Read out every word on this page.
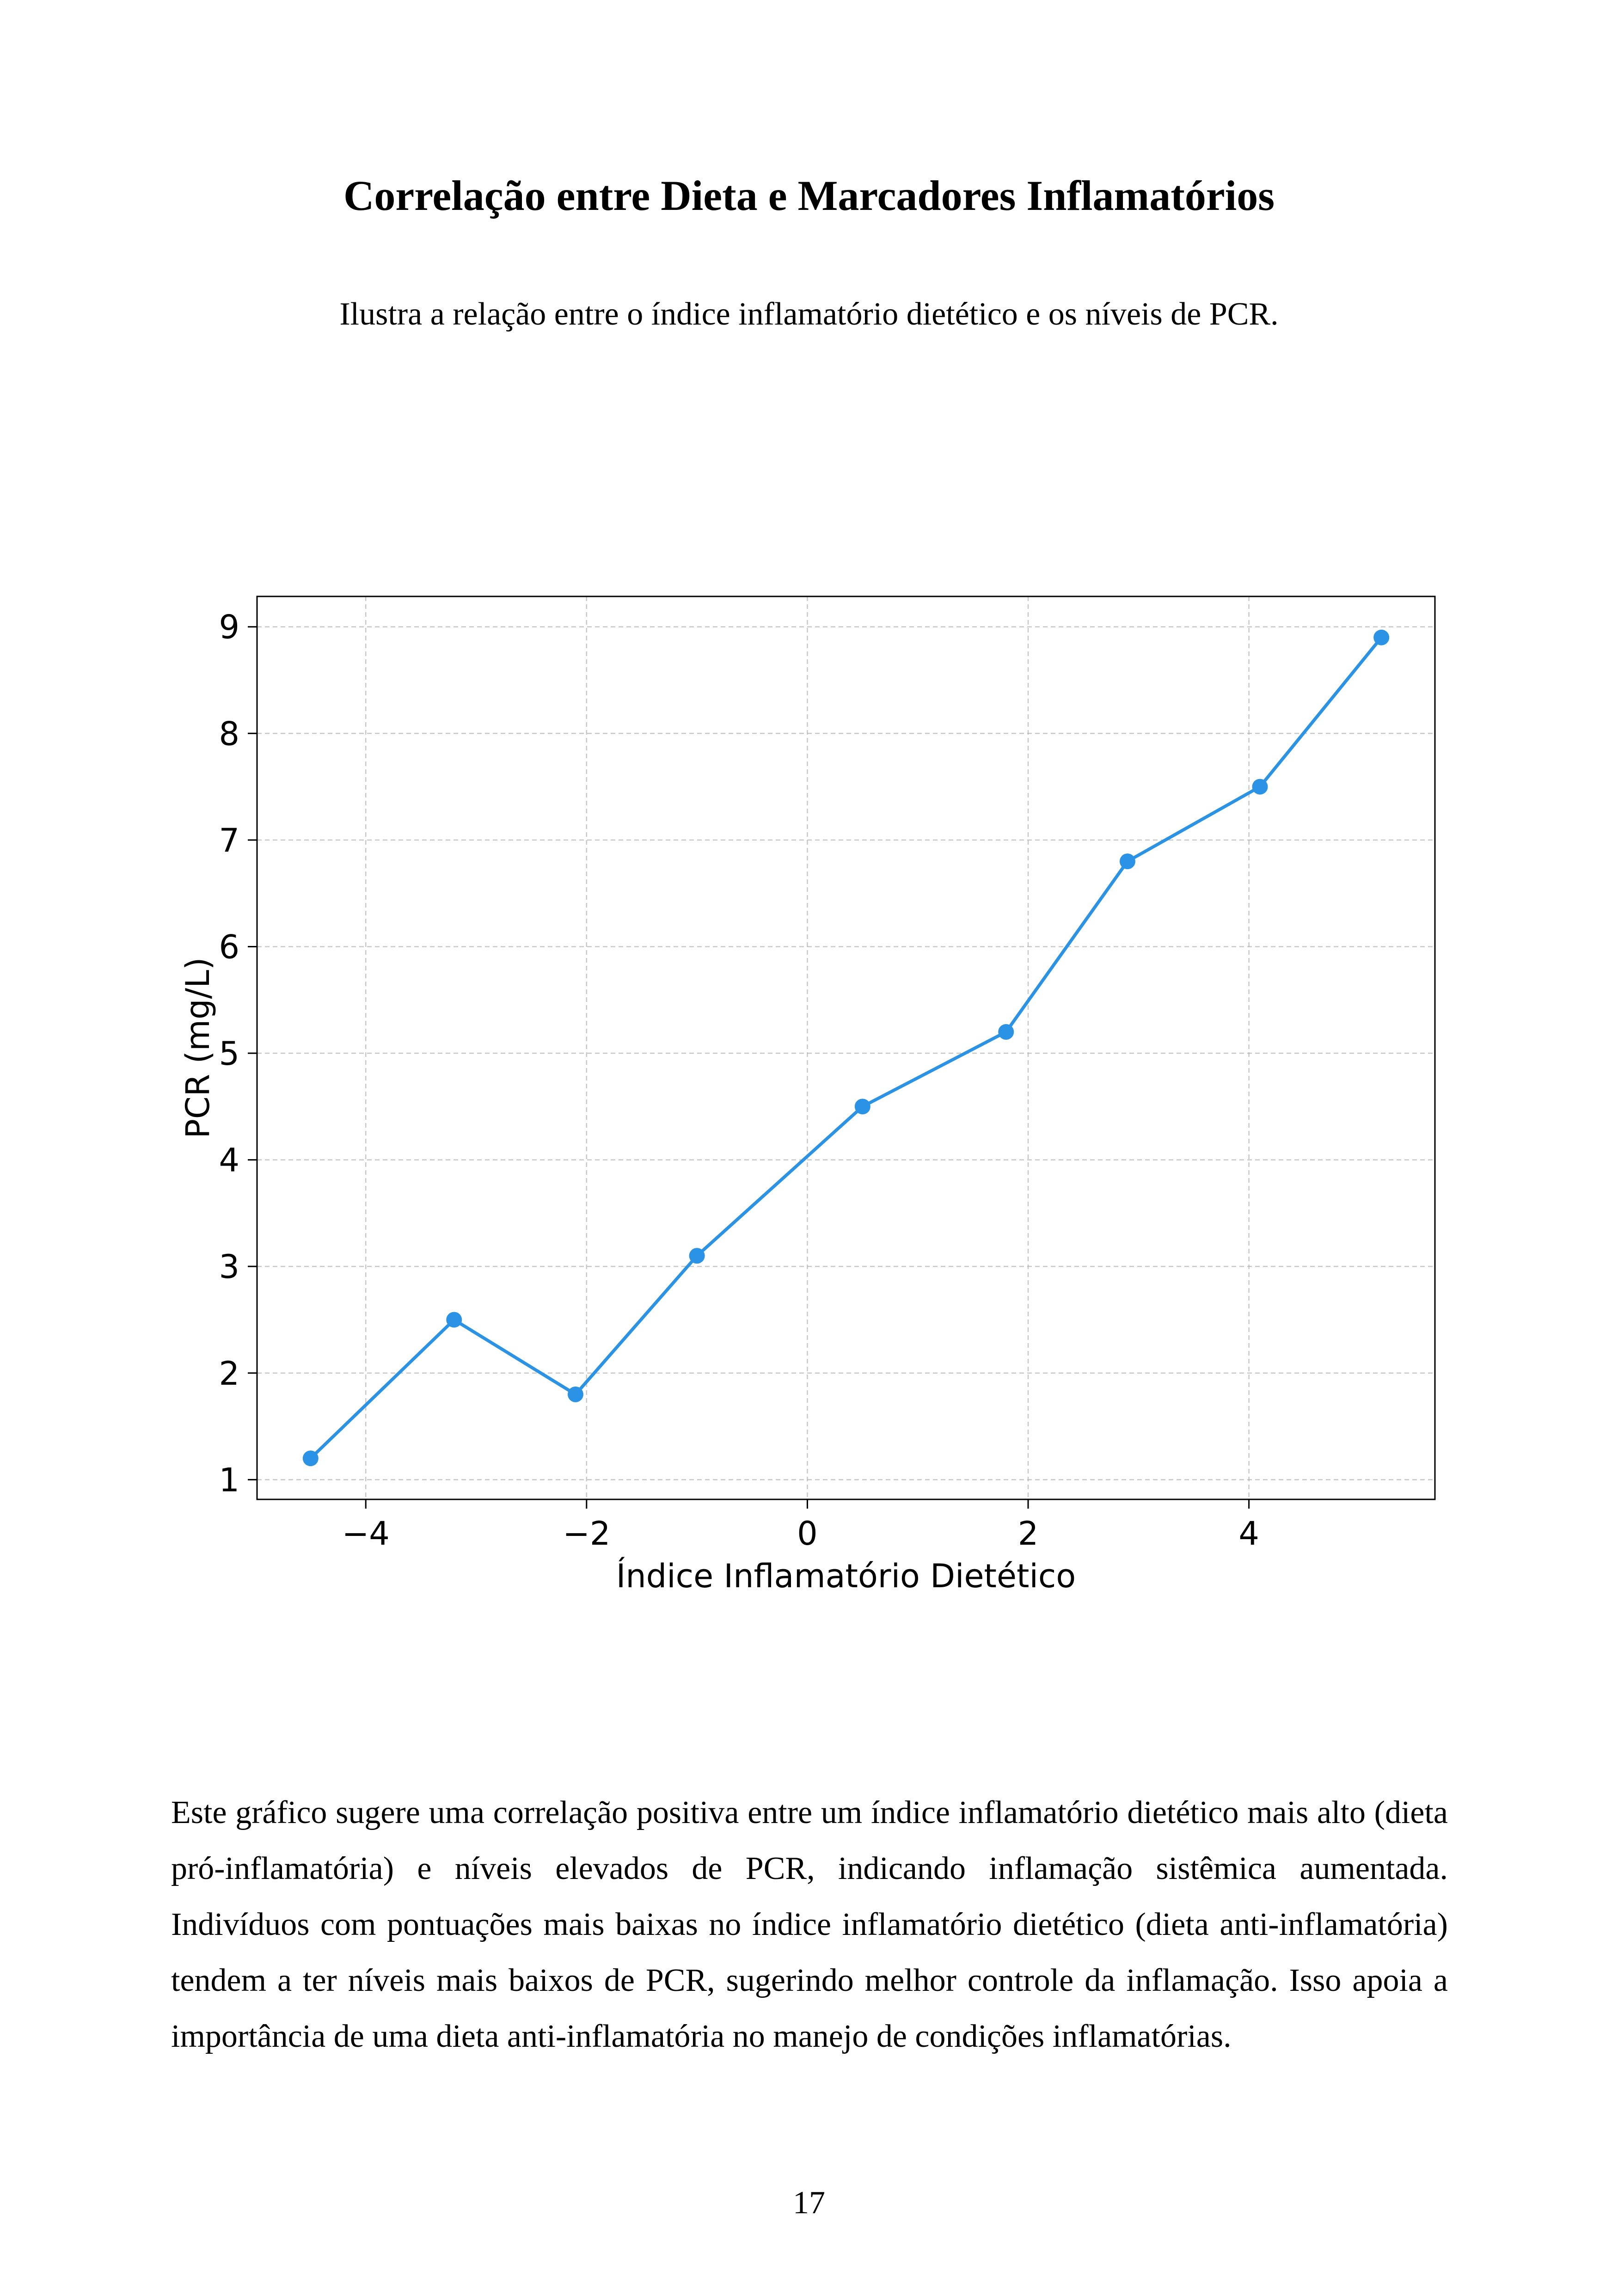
Correlação entre Dieta e Marcadores Inflamatórios
Ilustra a relação entre o índice inflamatório dietético e os níveis de PCR.
−4	−2	0	2	4
1
2
3
4
5
6
7
8
9
Índice Inflamatório Dietético
PCR (mg/L)
Este gráfico sugere uma correlação positiva entre um índice inflamatório dietético mais alto (dieta pró-inflamatória) e níveis elevados de PCR, indicando inflamação sistêmica aumentada. Indivíduos com pontuações mais baixas no índice inflamatório dietético (dieta anti-inflamatória) tendem a ter níveis mais baixos de PCR, sugerindo melhor controle da inflamação. Isso apoia a importância de uma dieta anti-inflamatória no manejo de condições inflamatórias.
17
